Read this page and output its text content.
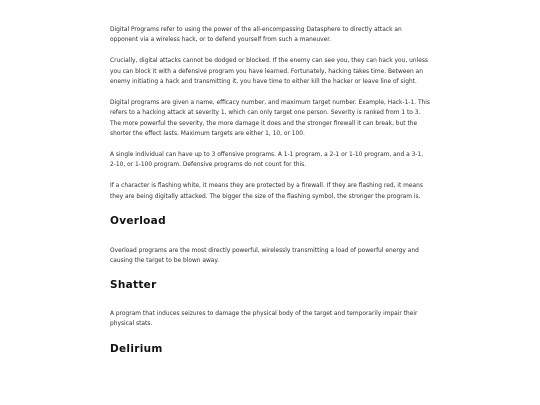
Digital Programs refer to using the power of the all-encompassing Datasphere to directly attack an opponent via a wireless hack, or to defend yourself from such a maneuver.

Crucially, digital attacks cannot be dodged or blocked. If the enemy can see you, they can hack you, unless you can block it with a defensive program you have learned. Fortunately, hacking takes time. Between an enemy initiating a hack and transmitting it, you have time to either kill the hacker or leave line of sight.

Digital programs are given a name, efficacy number, and maximum target number. Example, Hack-1-1. This refers to a hacking attack at severity 1, which can only target one person. Severity is ranked from 1 to 3. The more powerful the severity, the more damage it does and the stronger firewall it can break, but the shorter the effect lasts. Maximum targets are either 1, 10, or 100.

A single individual can have up to 3 offensive programs. A 1-1 program, a 2-1 or 1-10 program, and a 3-1, 2-10, or 1-100 program. Defensive programs do not count for this.

If a character is flashing white, it means they are protected by a firewall. If they are flashing red, it means they are being digitally attacked. The bigger the size of the flashing symbol, the stronger the program is.

Overload

Overload programs are the most directly powerful, wirelessly transmitting a load of powerful energy and causing the target to be blown away.

Shatter

A program that induces seizures to damage the physical body of the target and temporarily impair their physical stats.

Delirium
